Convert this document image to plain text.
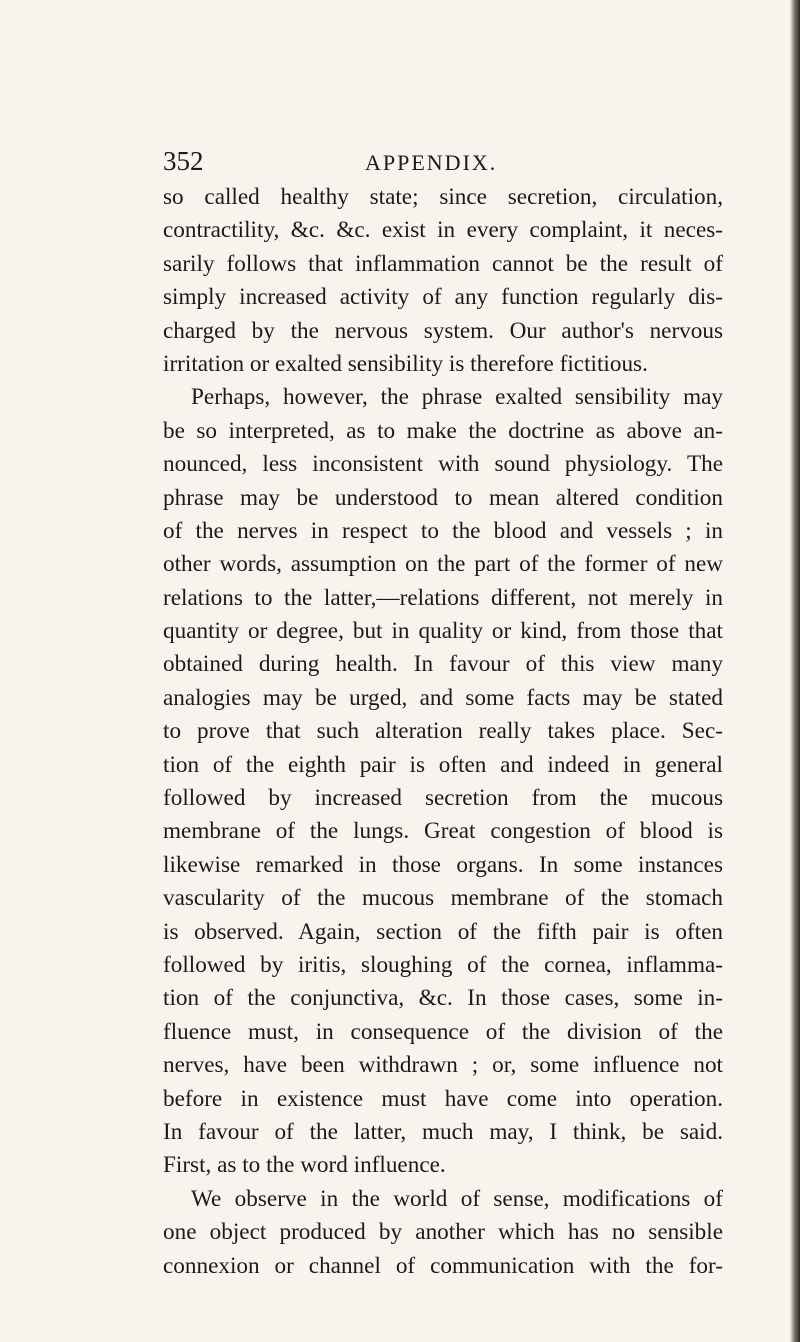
352	APPENDIX.
so called healthy state; since secretion, circulation,
contractility, &c. &c. exist in every complaint, it neces-
sarily follows that inflammation cannot be the result of
simply increased activity of any function regularly dis-
charged by the nervous system. Our author's nervous
irritation or exalted sensibility is therefore fictitious.
Perhaps, however, the phrase exalted sensibility may
be so interpreted, as to make the doctrine as above an-
nounced, less inconsistent with sound physiology. The
phrase may be understood to mean altered condition
of the nerves in respect to the blood and vessels ; in
other words, assumption on the part of the former of new
relations to the latter,—relations different, not merely in
quantity or degree, but in quality or kind, from those that
obtained during health. In favour of this view many
analogies may be urged, and some facts may be stated
to prove that such alteration really takes place. Sec-
tion of the eighth pair is often and indeed in general
followed by increased secretion from the mucous
membrane of the lungs. Great congestion of blood is
likewise remarked in those organs. In some instances
vascularity of the mucous membrane of the stomach
is observed. Again, section of the fifth pair is often
followed by iritis, sloughing of the cornea, inflamma-
tion of the conjunctiva, &c. In those cases, some in-
fluence must, in consequence of the division of the
nerves, have been withdrawn ; or, some influence not
before in existence must have come into operation.
In favour of the latter, much may, I think, be said.
First, as to the word influence.
We observe in the world of sense, modifications of
one object produced by another which has no sensible
connexion or channel of communication with the for-
